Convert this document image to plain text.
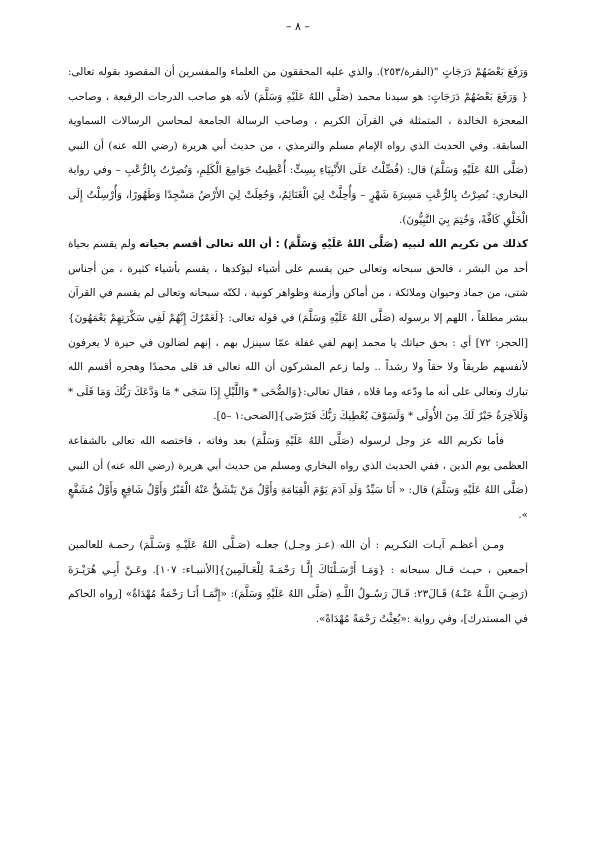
– ٨ –

وَرَفَعَ بَعْضَهُمْ دَرَجَاتٍ "(البقرة/٢٥٣). والذي عليه المحققون من العلماء والمفسرين أن المقصود بقوله تعالى: { وَرَفَعَ بَعْضَهُمْ دَرَجَاتٍ: هو سيدنا محمد (صَلَّى اللهُ عَلَيْهِ وَسَلَّمَ) لأنه هو صاحب الدرجات الرفيعة ، وصاحب المعجزة الخالدة ، المتمثلة في القرآن الكريم ، وصاحب الرسالة الجامعة لمحاسن الرسالات السماوية السابقة. وفي الحديث الذي رواه الإمام مسلم والترمذي ، من حديث أبي هريرة (رضي الله عنه) أن النبي (صَلَّى اللهُ عَلَيْهِ وَسَلَّمَ) قال: (فُضِّلْتُ عَلَى الأَنْبِيَاءِ بِسِتٍّ: أُعْطِيتُ جَوَامِعَ الْكَلِمِ، وَنُصِرْتُ بِالرُّعْبِ – وفي رواية البخاري: نُصِرْتُ بِالرُّعْبِ مَسِيرَةَ شَهْرٍ – وَأُحِلَّتْ لِيَ الْغَنَائِمُ، وَجُعِلَتْ لِيَ الأَرْضُ مَسْجِدًا وَطَهُورًا، وَأُرْسِلْتُ إِلَى الْخَلْقِ كَافَّةً، وَخُتِمَ بِيَ النَّبِيُّونَ).

كذلك من تكريم الله لنبيه (صَلَّى اللهُ عَلَيْهِ وَسَلَّمَ) : أن الله تعالى أقسم بحياته ولم يقسم بحياة أحد من البشر ، فالحق سبحانه وتعالى حين يقسم على أشياء ليؤكدها ، يقسم بأشياء كثيرة ، من أجناس شتى، من جماد وحيوان وملائكة ، من أماكن وأزمنة وظواهر كونية ، لكنّه سبحانه وتعالى لم يقسم في القرآن ببشر مطلقاً ، اللهم إلا برسوله (صَلَّى اللهُ عَلَيْهِ وَسَلَّمَ) في قوله تعالى: {لَعَمْرُكَ إِنَّهُمْ لَفِي سَكْرَتِهِمْ يَعْمَهُونَ}[الحجر: ٧٢] أي : بحق حياتك يا محمد إنهم لفي غفلة عمّا سينزل بهم ، إنهم لضالون في حيرة لا يعرفون لأنفسهم طريقاً ولا حقاً ولا رشداً .. ولما زعم المشركون أن الله تعالى قد قلى محمدًا وهجره أقسم الله تبارك وتعالى على أنه ما ودّعه وما قلاه ، فقال تعالى:{وَالضُّحَى * وَاللَّيْلِ إِذَا سَجَى * مَا وَدَّعَكَ رَبُّكَ وَمَا قَلَى * وَلَلآخِرَةُ خَيْرٌ لَكَ مِنَ الأُولَى * وَلَسَوْفَ يُعْطِيكَ رَبُّكَ فَتَرْضَى}[الضحى:١ –٥].

فأما تكريم الله عز وجل لرسوله (صَلَّى اللهُ عَلَيْهِ وَسَلَّمَ) بعد وفاته ، فاختصه الله تعالى بالشفاعة العظمى يوم الدين ، ففي الحديث الذي رواه البخاري ومسلم من حديث أبي هريرة (رضي الله عنه) أن النبي (صَلَّى اللهُ عَلَيْهِ وَسَلَّمَ) قال: « أَنَا سَيِّدُ وَلَدِ آدَمَ يَوْمَ الْقِيَامَةِ وَأَوَّلُ مَنْ يَنْشَقُّ عَنْهُ الْقَبْرُ وَأَوَّلُ شَافِعٍ وَأَوَّلُ مُشَفَّعٍ ».

ومـن أعظـم آيـات التكـريم : أن الله (عـز وجـل) جعلـه (صَـلَّى اللهُ عَلَيْـهِ وَسَـلَّمَ) رحمـة للعالمين أجمعين ، حيـث قـال سبحانه : {وَمَـا أَرْسَـلْنَاكَ إِلَّـا رَحْمَـةً لِلْعَـالَمِينَ}[الأنبيـاء: ١٠٧]. وعَـنْ أَبِـي هُرَيْـرَةَ (رَضِـيَ اللَّـهُ عَنْـهُ) قَـالَ٢٣: قَـالَ رَسُـولُ اللَّـهِ (صَلَّى اللهُ عَلَيْهِ وَسَلَّمَ): «إِنَّمَـا أَنَـا رَحْمَةٌ مُهْدَاةٌ» [رواه الحاكم في المستدرك]، وفي رواية :«بُعِثْتُ رَحْمَةً مُهْدَاةً».
